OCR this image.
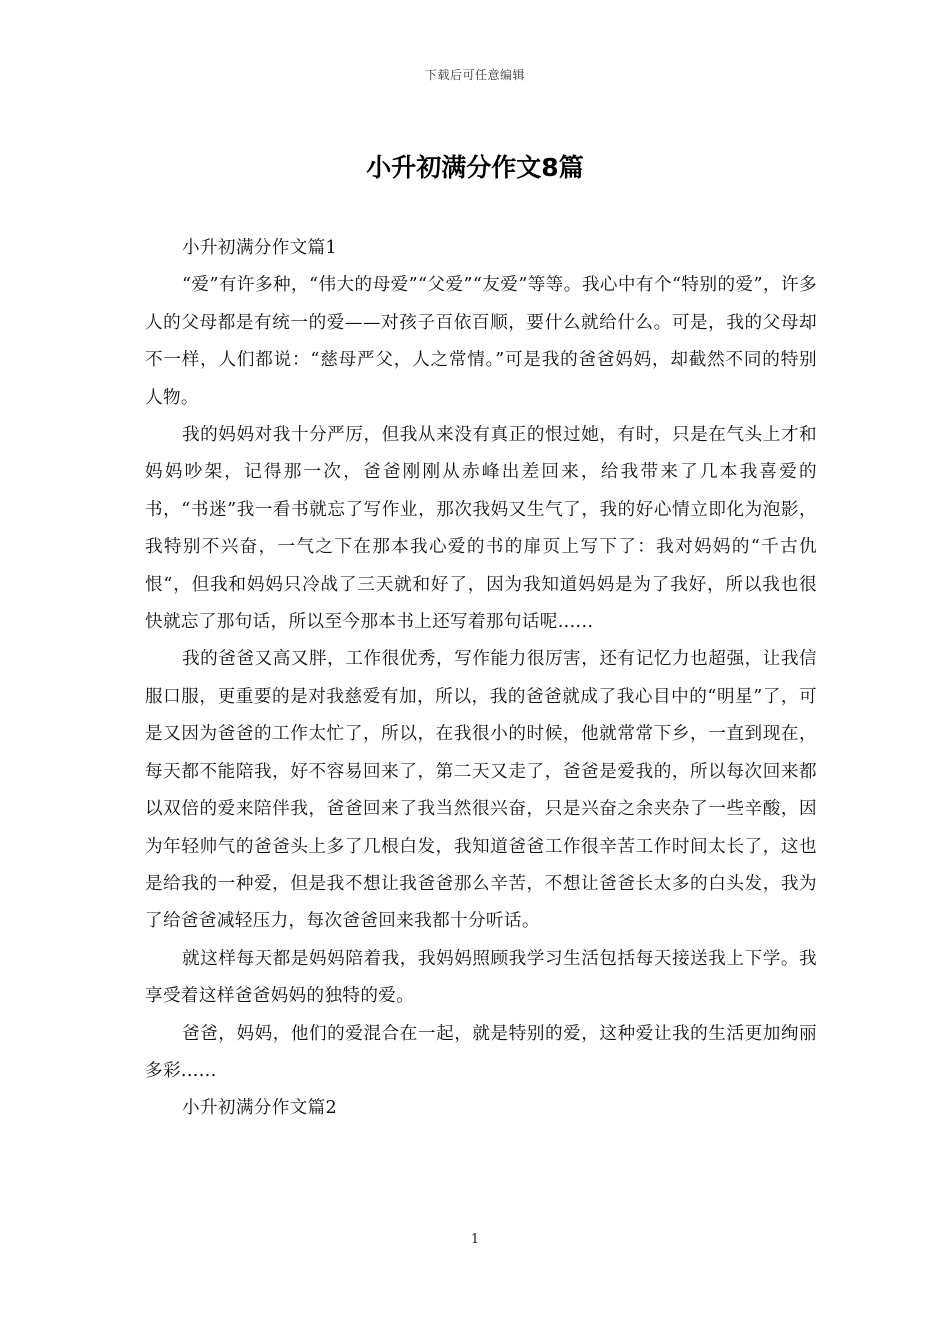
下载后可任意编辑
小升初满分作文8篇

小升初满分作文篇1

“爱”有许多种，“伟大的母爱”“父爱”“友爱”等等。我心中有个“特别的爱”，许多人的父母都是有统一的爱——对孩子百依百顺，要什么就给什么。可是，我的父母却不一样，人们都说：“慈母严父，人之常情。”可是我的爸爸妈妈，却截然不同的特别人物。

我的妈妈对我十分严厉，但我从来没有真正的恨过她，有时，只是在气头上才和妈妈吵架，记得那一次，爸爸刚刚从赤峰出差回来，给我带来了几本我喜爱的书，“书迷”我一看书就忘了写作业，那次我妈又生气了，我的好心情立即化为泡影，我特别不兴奋，一气之下在那本我心爱的书的扉页上写下了：我对妈妈的“千古仇恨“，但我和妈妈只冷战了三天就和好了，因为我知道妈妈是为了我好，所以我也很快就忘了那句话，所以至今那本书上还写着那句话呢......

我的爸爸又高又胖，工作很优秀，写作能力很厉害，还有记忆力也超强，让我信服口服，更重要的是对我慈爱有加，所以，我的爸爸就成了我心目中的“明星”了，可是又因为爸爸的工作太忙了，所以，在我很小的时候，他就常常下乡，一直到现在，每天都不能陪我，好不容易回来了，第二天又走了，爸爸是爱我的，所以每次回来都以双倍的爱来陪伴我，爸爸回来了我当然很兴奋，只是兴奋之余夹杂了一些辛酸，因为年轻帅气的爸爸头上多了几根白发，我知道爸爸工作很辛苦工作时间太长了，这也是给我的一种爱，但是我不想让我爸爸那么辛苦，不想让爸爸长太多的白头发，我为了给爸爸减轻压力，每次爸爸回来我都十分听话。

就这样每天都是妈妈陪着我，我妈妈照顾我学习生活包括每天接送我上下学。我享受着这样爸爸妈妈的独特的爱。

爸爸，妈妈，他们的爱混合在一起，就是特别的爱，这种爱让我的生活更加绚丽多彩......

小升初满分作文篇2

1
